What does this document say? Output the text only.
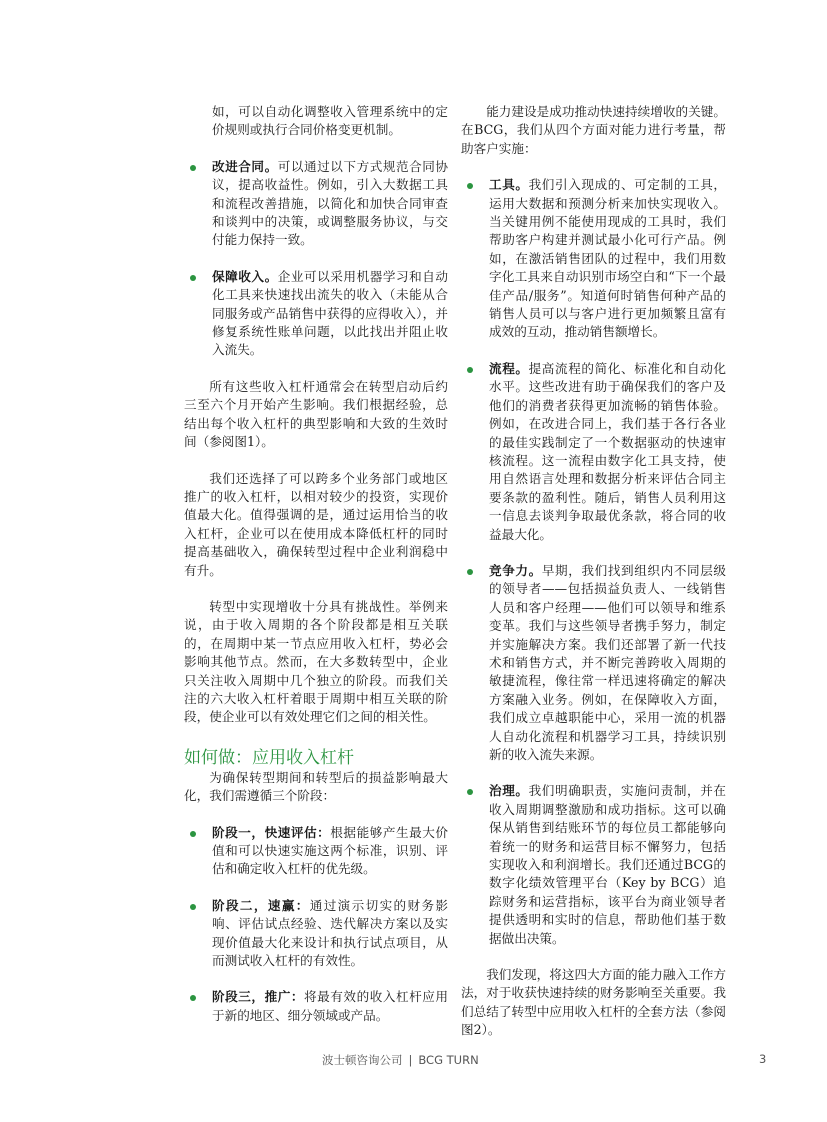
如，可以自动化调整收入管理系统中的定价规则或执行合同价格变更机制。

改进合同。可以通过以下方式规范合同协议，提高收益性。例如，引入大数据工具和流程改善措施，以简化和加快合同审查和谈判中的决策，或调整服务协议，与交付能力保持一致。
保障收入。企业可以采用机器学习和自动化工具来快速找出流失的收入（未能从合同服务或产品销售中获得的应得收入），并修复系统性账单问题，以此找出并阻止收入流失。

所有这些收入杠杆通常会在转型启动后约三至六个月开始产生影响。我们根据经验，总结出每个收入杠杆的典型影响和大致的生效时间（参阅图1）。

我们还选择了可以跨多个业务部门或地区推广的收入杠杆，以相对较少的投资，实现价值最大化。值得强调的是，通过运用恰当的收入杠杆，企业可以在使用成本降低杠杆的同时提高基础收入，确保转型过程中企业利润稳中有升。

转型中实现增收十分具有挑战性。举例来说，由于收入周期的各个阶段都是相互关联的，在周期中某一节点应用收入杠杆，势必会影响其他节点。然而，在大多数转型中，企业只关注收入周期中几个独立的阶段。而我们关注的六大收入杠杆着眼于周期中相互关联的阶段，使企业可以有效处理它们之间的相关性。

如何做：应用收入杠杆

为确保转型期间和转型后的损益影响最大化，我们需遵循三个阶段：

阶段一，快速评估：根据能够产生最大价值和可以快速实施这两个标准，识别、评估和确定收入杠杆的优先级。
阶段二，速赢：通过演示切实的财务影响、评估试点经验、迭代解决方案以及实现价值最大化来设计和执行试点项目，从而测试收入杠杆的有效性。
阶段三，推广：将最有效的收入杠杆应用于新的地区、细分领域或产品。

能力建设是成功推动快速持续增收的关键。在BCG，我们从四个方面对能力进行考量，帮助客户实施：

工具。我们引入现成的、可定制的工具，运用大数据和预测分析来加快实现收入。当关键用例不能使用现成的工具时，我们帮助客户构建并测试最小化可行产品。例如，在激活销售团队的过程中，我们用数字化工具来自动识别市场空白和“下一个最佳产品/服务”。知道何时销售何种产品的销售人员可以与客户进行更加频繁且富有成效的互动，推动销售额增长。
流程。提高流程的简化、标准化和自动化水平。这些改进有助于确保我们的客户及他们的消费者获得更加流畅的销售体验。例如，在改进合同上，我们基于各行各业的最佳实践制定了一个数据驱动的快速审核流程。这一流程由数字化工具支持，使用自然语言处理和数据分析来评估合同主要条款的盈利性。随后，销售人员利用这一信息去谈判争取最优条款，将合同的收益最大化。
竞争力。早期，我们找到组织内不同层级的领导者——包括损益负责人、一线销售人员和客户经理——他们可以领导和维系变革。我们与这些领导者携手努力，制定并实施解决方案。我们还部署了新一代技术和销售方式，并不断完善跨收入周期的敏捷流程，像往常一样迅速将确定的解决方案融入业务。例如，在保障收入方面，我们成立卓越职能中心，采用一流的机器人自动化流程和机器学习工具，持续识别新的收入流失来源。
治理。我们明确职责，实施问责制，并在收入周期调整激励和成功指标。这可以确保从销售到结账环节的每位员工都能够向着统一的财务和运营目标不懈努力，包括实现收入和利润增长。我们还通过BCG的数字化绩效管理平台（Key by BCG）追踪财务和运营指标，该平台为商业领导者提供透明和实时的信息，帮助他们基于数据做出决策。

我们发现，将这四大方面的能力融入工作方法，对于收获快速持续的财务影响至关重要。我们总结了转型中应用收入杠杆的全套方法（参阅图2）。

波士顿咨询公司 | BCG TURN	3
